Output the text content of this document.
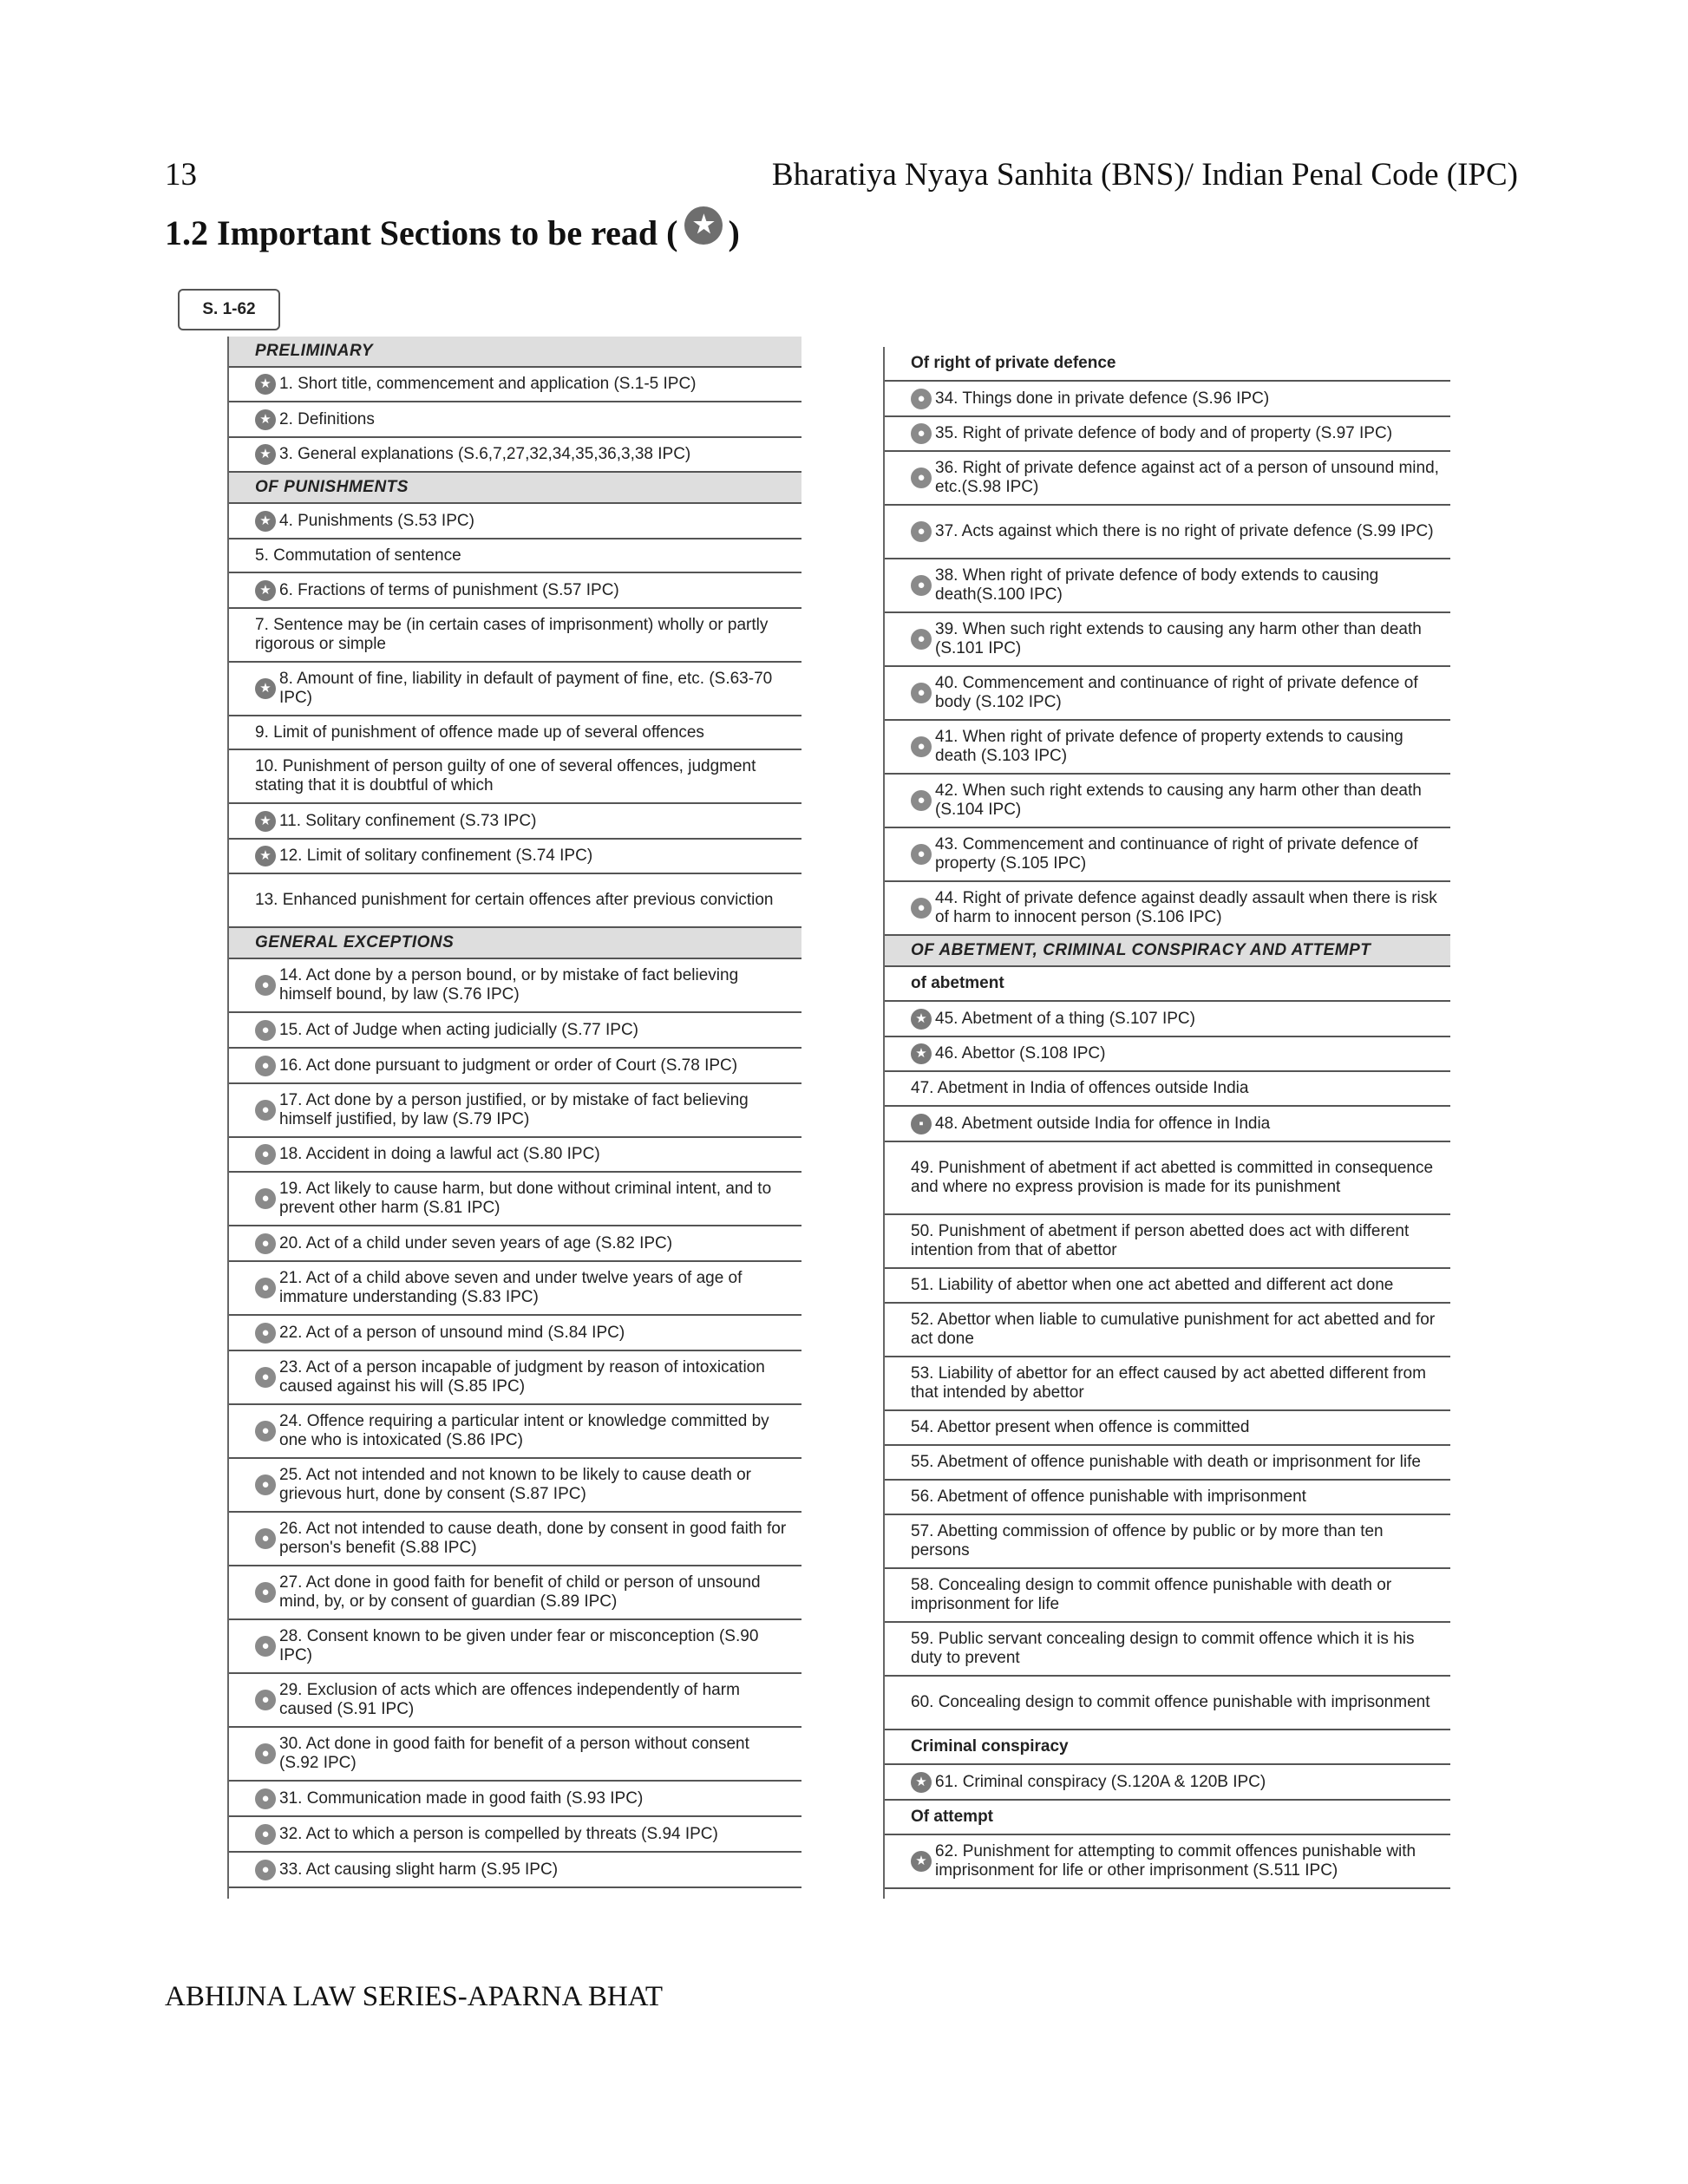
13	Bharatiya Nyaya Sanhita (BNS)/ Indian Penal Code (IPC)
1.2 Important Sections to be read ( ★ )
S. 1-62
PRELIMINARY
★ 1. Short title, commencement and application (S.1-5 IPC)
★ 2. Definitions
★ 3. General explanations (S.6,7,27,32,34,35,36,3,38 IPC)
OF PUNISHMENTS
★ 4. Punishments (S.53 IPC)
5. Commutation of sentence
★ 6. Fractions of terms of punishment (S.57 IPC)
7. Sentence may be (in certain cases of imprisonment) wholly or partly rigorous or simple
★
8. Amount of fine, liability in default of payment of fine, etc. (S.63-70 IPC)
9. Limit of punishment of offence made up of several offences
10. Punishment of person guilty of one of several offences, judgment stating that it is doubtful of which
★ 11. Solitary confinement (S.73 IPC)
★ 12. Limit of solitary confinement (S.74 IPC)
13. Enhanced punishment for certain offences after previous conviction
GENERAL EXCEPTIONS
●
14. Act done by a person bound, or by mistake of fact believing himself bound, by law (S.76 IPC)
● 15. Act of Judge when acting judicially (S.77 IPC)
● 16. Act done pursuant to judgment or order of Court (S.78 IPC)
●
17. Act done by a person justified, or by mistake of fact believing himself justified, by law (S.79 IPC)
● 18. Accident in doing a lawful act (S.80 IPC)
●
19. Act likely to cause harm, but done without criminal intent, and to prevent other harm (S.81 IPC)
● 20. Act of a child under seven years of age (S.82 IPC)
●
21. Act of a child above seven and under twelve years of age of immature understanding (S.83 IPC)
● 22. Act of a person of unsound mind (S.84 IPC)
●
23. Act of a person incapable of judgment by reason of intoxication caused against his will (S.85 IPC)
●
24. Offence requiring a particular intent or knowledge committed by one who is intoxicated (S.86 IPC)
●
25. Act not intended and not known to be likely to cause death or grievous hurt, done by consent (S.87 IPC)
●
26. Act not intended to cause death, done by consent in good faith for person's benefit (S.88 IPC)
●
27. Act done in good faith for benefit of child or person of unsound mind, by, or by consent of guardian (S.89 IPC)
●
28. Consent known to be given under fear or misconception (S.90 IPC)
●
29. Exclusion of acts which are offences independently of harm caused (S.91 IPC)
●
30. Act done in good faith for benefit of a person without consent (S.92 IPC)
● 31. Communication made in good faith (S.93 IPC)
● 32. Act to which a person is compelled by threats (S.94 IPC)
● 33. Act causing slight harm (S.95 IPC)
Of right of private defence
● 34. Things done in private defence (S.96 IPC)
● 35. Right of private defence of body and of property (S.97 IPC)
●
36. Right of private defence against act of a person of unsound mind, etc.(S.98 IPC)
● 37. Acts against which there is no right of private defence (S.99 IPC)
●
38. When right of private defence of body extends to causing death(S.100 IPC)
●
39. When such right extends to causing any harm other than death (S.101 IPC)
●
40. Commencement and continuance of right of private defence of body (S.102 IPC)
●
41. When right of private defence of property extends to causing death (S.103 IPC)
●
42. When such right extends to causing any harm other than death (S.104 IPC)
●
43. Commencement and continuance of right of private defence of property (S.105 IPC)
●
44. Right of private defence against deadly assault when there is risk of harm to innocent person (S.106 IPC)
OF ABETMENT, CRIMINAL CONSPIRACY AND ATTEMPT
of abetment
★ 45. Abetment of a thing (S.107 IPC)
★ 46. Abettor (S.108 IPC)
47. Abetment in India of offences outside India
▪ 48. Abetment outside India for offence in India
49. Punishment of abetment if act abetted is committed in consequence and where no express provision is made for its punishment
50. Punishment of abetment if person abetted does act with different intention from that of abettor
51. Liability of abettor when one act abetted and different act done
52. Abettor when liable to cumulative punishment for act abetted and for act done
53. Liability of abettor for an effect caused by act abetted different from that intended by abettor
54. Abettor present when offence is committed
55. Abetment of offence punishable with death or imprisonment for life
56. Abetment of offence punishable with imprisonment
57. Abetting commission of offence by public or by more than ten persons
58. Concealing design to commit offence punishable with death or imprisonment for life
59. Public servant concealing design to commit offence which it is his duty to prevent
60. Concealing design to commit offence punishable with imprisonment
Criminal conspiracy
★ 61. Criminal conspiracy (S.120A & 120B IPC)
Of attempt
★
62. Punishment for attempting to commit offences punishable with imprisonment for life or other imprisonment (S.511 IPC)
ABHIJNA LAW SERIES-APARNA BHAT
